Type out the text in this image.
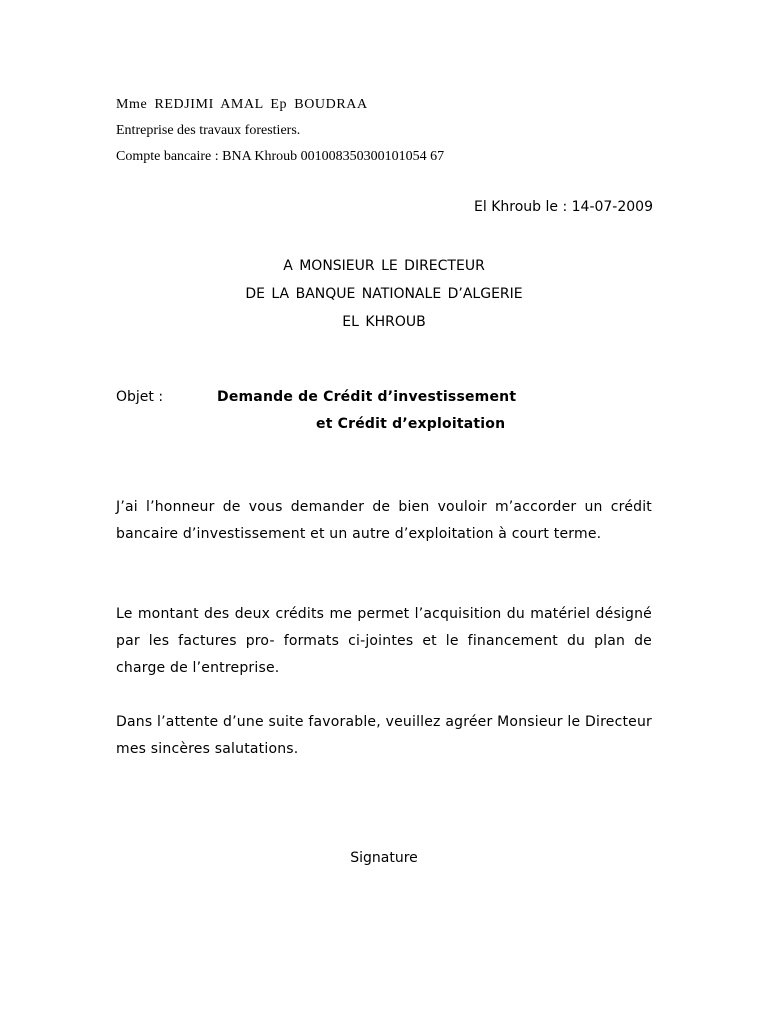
Mme REDJIMI AMAL Ep BOUDRAA
Entreprise des travaux forestiers.
Compte bancaire : BNA Khroub 001008350300101054 67
El Khroub le : 14-07-2009
A MONSIEUR LE DIRECTEUR
DE LA BANQUE NATIONALE D’ALGERIE
EL KHROUB
Objet :	Demande de Crédit d’investissement
et Crédit d’exploitation
J’ai l’honneur de vous demander de bien vouloir m’accorder un crédit bancaire d’investissement et un autre d’exploitation à court terme.
Le montant des deux crédits me permet l’acquisition du matériel désigné par les factures pro- formats ci-jointes et le financement du plan de charge de l’entreprise.
Dans l’attente d’une suite favorable, veuillez agréer Monsieur le Directeur mes sincères salutations.
Signature
